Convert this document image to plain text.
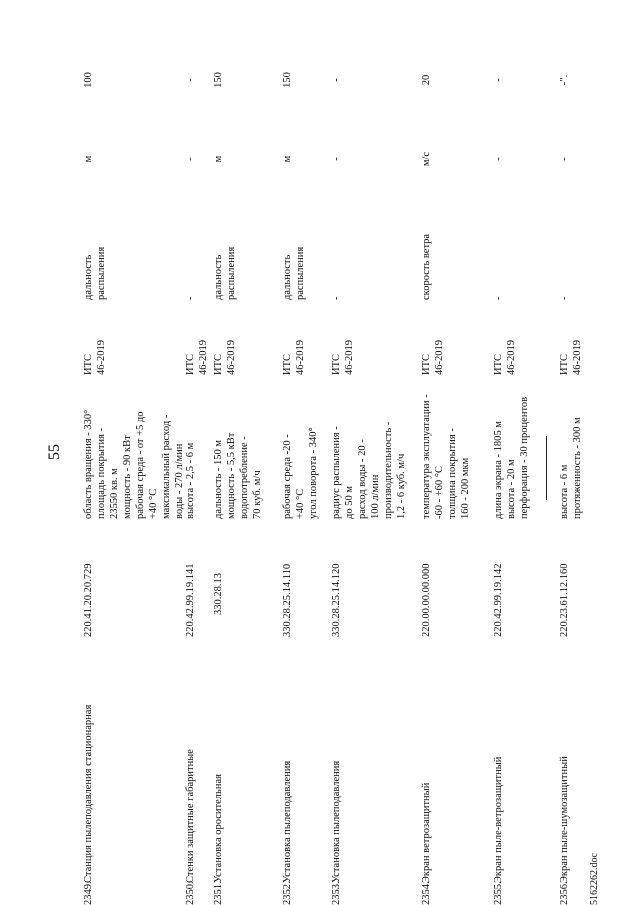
55
2349.
Станция пылеподавления стационарная
220.41.20.20.729
область вращения - 330° площадь покрытия - 23550 кв. м мощность - 90 кВт рабочая среда - от +5 до +40 °С максимальный расход - воды - 270 л/мин
ИТС 46-2019
дальность распыления
м
100
2350.
Стенки защитные габаритные
220.42.99.19.141
высота - 2,5 - 6 м
ИТС 46-2019
-
-
-
2351.
Установка оросительная
330.28.13
дальность - 150 м мощность - 5,5 кВт водопотребление - 70 куб. м/ч
ИТС 46-2019
дальность распыления
м
150
2352.
Установка пылеподавления
330.28.25.14.110
рабочая среда -20 - +40 °С угол поворота - 340°
ИТС 46-2019
дальность распыления
м
150
2353.
Установка пылеподавления
330.28.25.14.120
радиус распыления - до 50 м расход воды - 20 - 100 л/мин производительность - 1,2 - 6 куб. м/ч
ИТС 46-2019
-
-
-
2354.
Экран ветрозащитный
220.00.00.00.000
температура эксплуатации - -60 - +60 °С толщина покрытия - 160 - 200 мкм
ИТС 46-2019
скорость ветра
м/с
20
2355.
Экран пыле-ветрозащитный
220.42.99.19.142
длина экрана - 1805 м высота - 20 м перфорация - 30 процентов
ИТС 46-2019
-
-
-
2356.
Экран пыле-шумозащитный
220.23.61.12.160
высота - 6 м протяженность - 300 м
ИТС 46-2019
-
-
-".
5162262.doc
